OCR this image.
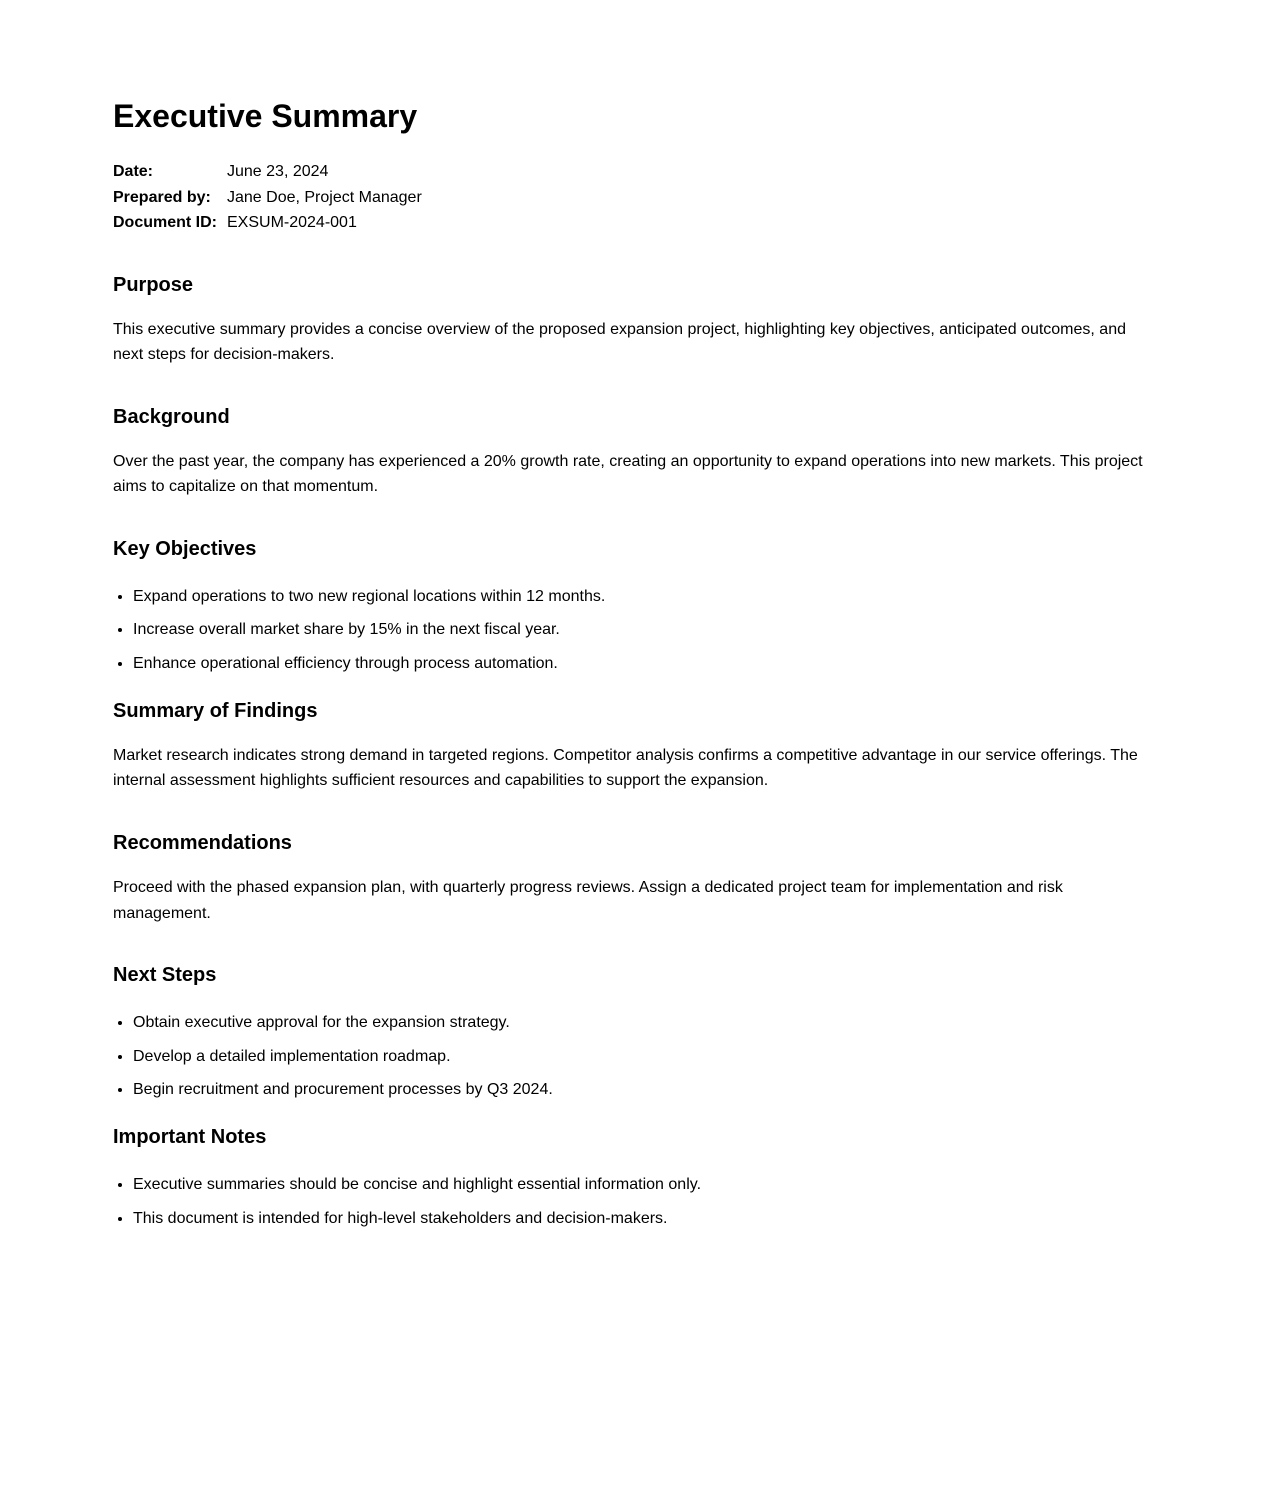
Executive Summary
Date:	June 23, 2024
Prepared by:	Jane Doe, Project Manager
Document ID:	EXSUM-2024-001
Purpose

This executive summary provides a concise overview of the proposed expansion project, highlighting key objectives, anticipated outcomes, and next steps for decision-makers.

Background

Over the past year, the company has experienced a 20% growth rate, creating an opportunity to expand operations into new markets. This project aims to capitalize on that momentum.

Key Objectives
• Expand operations to two new regional locations within 12 months.
• Increase overall market share by 15% in the next fiscal year.
• Enhance operational efficiency through process automation.
Summary of Findings

Market research indicates strong demand in targeted regions. Competitor analysis confirms a competitive advantage in our service offerings. The internal assessment highlights sufficient resources and capabilities to support the expansion.

Recommendations

Proceed with the phased expansion plan, with quarterly progress reviews. Assign a dedicated project team for implementation and risk management.

Next Steps
• Obtain executive approval for the expansion strategy.
• Develop a detailed implementation roadmap.
• Begin recruitment and procurement processes by Q3 2024.
Important Notes
• Executive summaries should be concise and highlight essential information only.
• This document is intended for high-level stakeholders and decision-makers.
